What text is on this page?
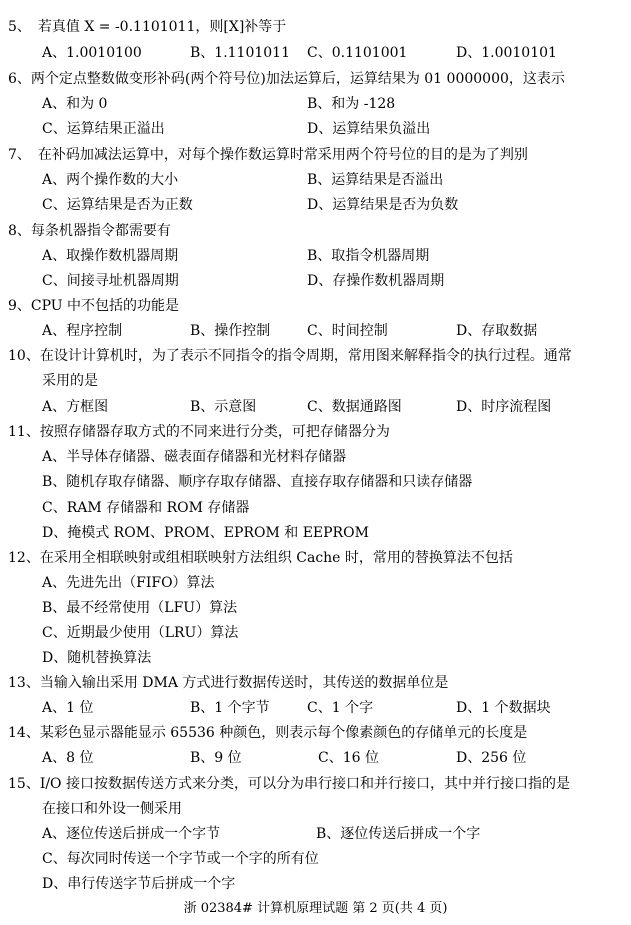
5、　若真值 X = -0.1101011，则[X]补等于
A、1.0010100	B、1.1101011 C、0.1101001	D、1.0010101
6、两个定点整数做变形补码(两个符号位)加法运算后，运算结果为 01 0000000，这表示
A、和为 0	B、和为 -128
C、运算结果正溢出	D、运算结果负溢出
7、　在补码加减法运算中，对每个操作数运算时常采用两个符号位的目的是为了判别
A、两个操作数的大小	B、运算结果是否溢出
C、运算结果是否为正数	D、运算结果是否为负数
8、每条机器指令都需要有
A、取操作数机器周期	B、取指令机器周期
C、间接寻址机器周期	D、存操作数机器周期
9、CPU 中不包括的功能是
A、程序控制	B、操作控制	C、时间控制	D、存取数据
10、在设计计算机时，为了表示不同指令的指令周期，常用图来解释指令的执行过程。通常
采用的是
A、方框图	B、示意图	C、数据通路图	D、时序流程图
11、按照存储器存取方式的不同来进行分类，可把存储器分为
A、半导体存储器、磁表面存储器和光材料存储器
B、随机存取存储器、顺序存取存储器、直接存取存储器和只读存储器
C、RAM 存储器和 ROM 存储器
D、掩模式 ROM、PROM、EPROM 和 EEPROM
12、在采用全相联映射或组相联映射方法组织 Cache 时，常用的替换算法不包括
A、先进先出（FIFO）算法
B、最不经常使用（LFU）算法
C、近期最少使用（LRU）算法
D、随机替换算法
13、当输入输出采用 DMA 方式进行数据传送时，其传送的数据单位是
A、1 位	B、1 个字节	C、1 个字	D、1 个数据块
14、某彩色显示器能显示 65536 种颜色，则表示每个像素颜色的存储单元的长度是
A、8 位	B、9 位	C、16 位	D、256 位
15、I/O 接口按数据传送方式来分类，可以分为串行接口和并行接口，其中并行接口指的是
在接口和外设一侧采用
A、逐位传送后拼成一个字节	B、逐位传送后拼成一个字
C、每次同时传送一个字节或一个字的所有位
D、串行传送字节后拼成一个字
浙 02384# 计算机原理试题 第 2 页(共 4 页)
